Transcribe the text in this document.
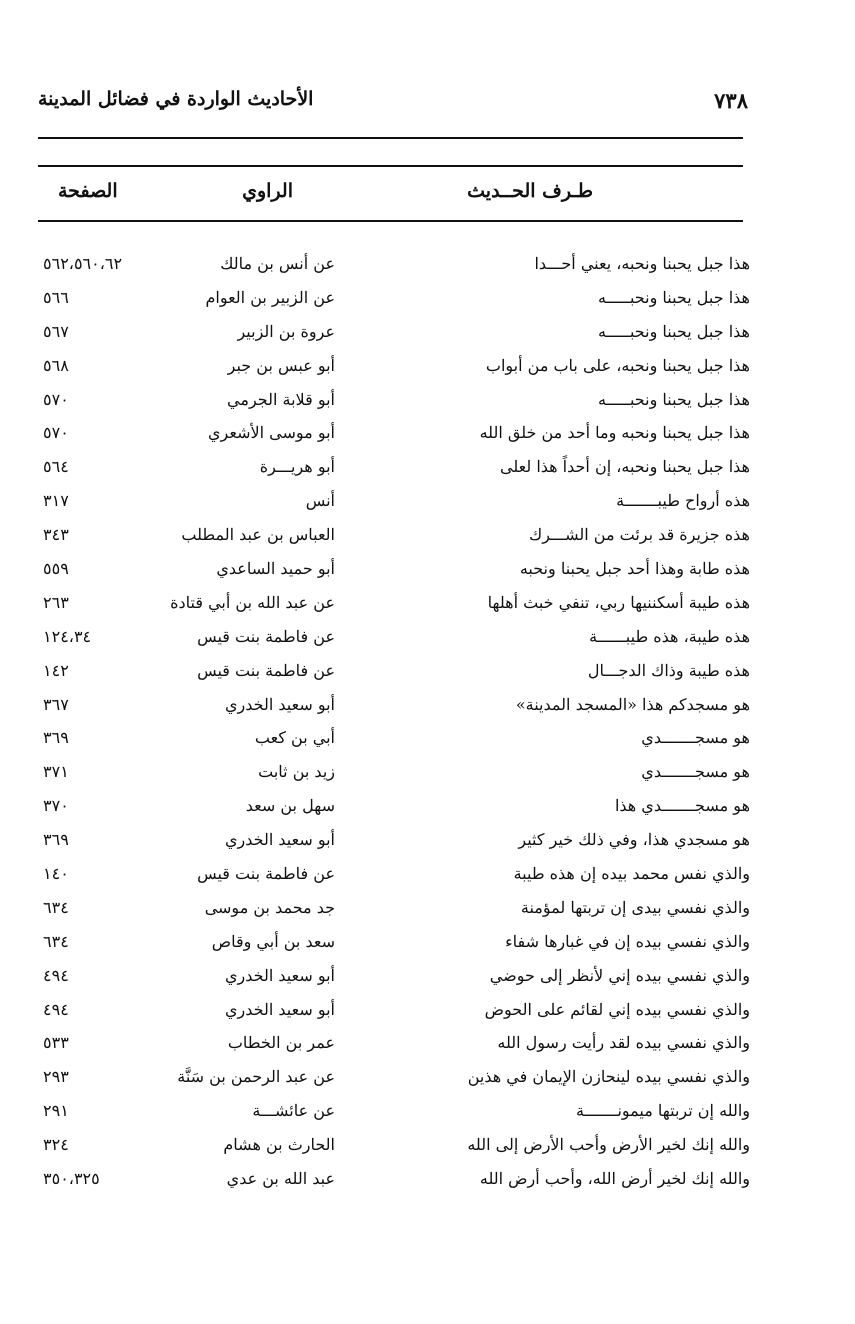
٧٣٨
الأحاديث الواردة في فضائل المدينة
طـرف الحــديث
الراوي
الصفحة
هذا جبل يحبنا ونحبه، يعني أحـــدا
عن أنس بن مالك
٥٦٢،٥٦٠،٦٢
هذا جبل يحبنا ونحبـــــه
عن الزبير بن العوام
٥٦٦
هذا جبل يحبنا ونحبـــــه
عروة بن الزبير
٥٦٧
هذا جبل يحبنا ونحبه، على باب من أبواب
أبو عبس بن جبر
٥٦٨
هذا جبل يحبنا ونحبـــــه
أبو قلابة الجرمي
٥٧٠
هذا جبل يحبنا ونحبه وما أحد من خلق الله
أبو موسى الأشعري
٥٧٠
هذا جبل يحبنا ونحبه، إن أحداً هذا لعلى
أبو هريـــرة
٥٦٤
هذه أرواح طيبـــــــة
أنس
٣١٧
هذه جزيرة قد برئت من الشـــرك
العباس بن عبد المطلب
٣٤٣
هذه طابة وهذا أحد جبل يحبنا ونحبه
أبو حميد الساعدي
٥٥٩
هذه طيبة أسكننيها ربي، تنفي خبث أهلها
عن عبد الله بن أبي قتادة
٢٦٣
هذه طيبة، هذه طيبــــــة
عن فاطمة بنت قيس
١٢٤،٣٤
هذه طيبة وذاك الدجـــال
عن فاطمة بنت قيس
١٤٢
هو مسجدكم هذا «المسجد المدينة»
أبو سعيد الخدري
٣٦٧
هو مسجـــــــدي
أبي بن كعب
٣٦٩
هو مسجـــــــدي
زيد بن ثابت
٣٧١
هو مسجـــــــدي هذا
سهل بن سعد
٣٧٠
هو مسجدي هذا، وفي ذلك خير كثير
أبو سعيد الخدري
٣٦٩
والذي نفس محمد بيده إن هذه طيبة
عن فاطمة بنت قيس
١٤٠
والذي نفسي بيدى إن تربتها لمؤمنة
جد محمد بن موسى
٦٣٤
والذي نفسي بيده إن في غبارها شفاء
سعد بن أبي وقاص
٦٣٤
والذي نفسي بيده إني لأنظر إلى حوضي
أبو سعيد الخدري
٤٩٤
والذي نفسي بيده إني لقائم على الحوض
أبو سعيد الخدري
٤٩٤
والذي نفسي بيده لقد رأيت رسول الله
عمر بن الخطاب
٥٣٣
والذي نفسي بيده لينحازن الإيمان في هذين
عن عبد الرحمن بن سَنَّة
٢٩٣
والله إن تربتها ميمونـــــــة
عن عائشـــة
٢٩١
والله إنك لخير الأرض وأحب الأرض إلى الله
الحارث بن هشام
٣٢٤
والله إنك لخير أرض الله، وأحب أرض الله
عبد الله بن عدي
٣٥٠،٣٢٥
